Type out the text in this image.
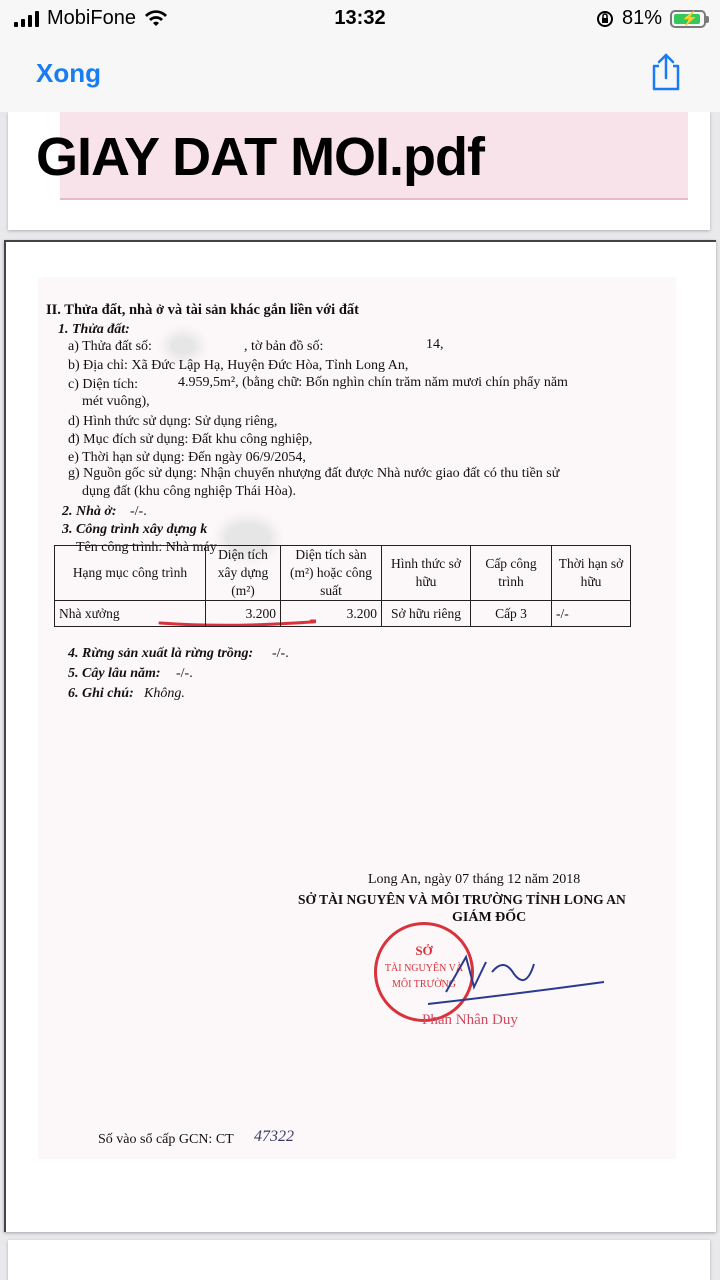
MobiFone	13:32	81% ⚡
Xong
GIAY DAT MOI.pdf
II. Thửa đất, nhà ở và tài sản khác gắn liền với đất
1. Thửa đất:
a) Thửa đất số:	, tờ bản đồ số:	14,
b) Địa chỉ: Xã Đức Lập Hạ, Huyện Đức Hòa, Tỉnh Long An,
c) Diện tích:	4.959,5m², (bằng chữ: Bốn nghìn chín trăm năm mươi chín phẩy năm
mét vuông),
d) Hình thức sử dụng: Sử dụng riêng,
đ) Mục đích sử dụng: Đất khu công nghiệp,
e) Thời hạn sử dụng: Đến ngày 06/9/2054,
g) Nguồn gốc sử dụng: Nhận chuyển nhượng đất được Nhà nước giao đất có thu tiền sử
dụng đất (khu công nghiệp Thái Hòa).
2. Nhà ở: -/-.
3. Công trình xây dựng k
Tên công trình: Nhà máy
Hạng mục công trình	Diện tích xây dựng (m²)	Diện tích sàn (m²) hoặc công suất	Hình thức sở hữu	Cấp công trình	Thời hạn sở hữu
Nhà xưởng	3.200	3.200	Sở hữu riêng	Cấp 3	-/-
4. Rừng sản xuất là rừng trồng: -/-.
5. Cây lâu năm: -/-.
6. Ghi chú: Không.
Long An, ngày 07 tháng 12 năm 2018
SỞ TÀI NGUYÊN VÀ MÔI TRƯỜNG TỈNH LONG AN
GIÁM ĐỐC
SỞ
TÀI NGUYÊN VÀ
MÔI TRƯỜNG
Phan Nhân Duy
Số vào sổ cấp GCN: CT 47322
